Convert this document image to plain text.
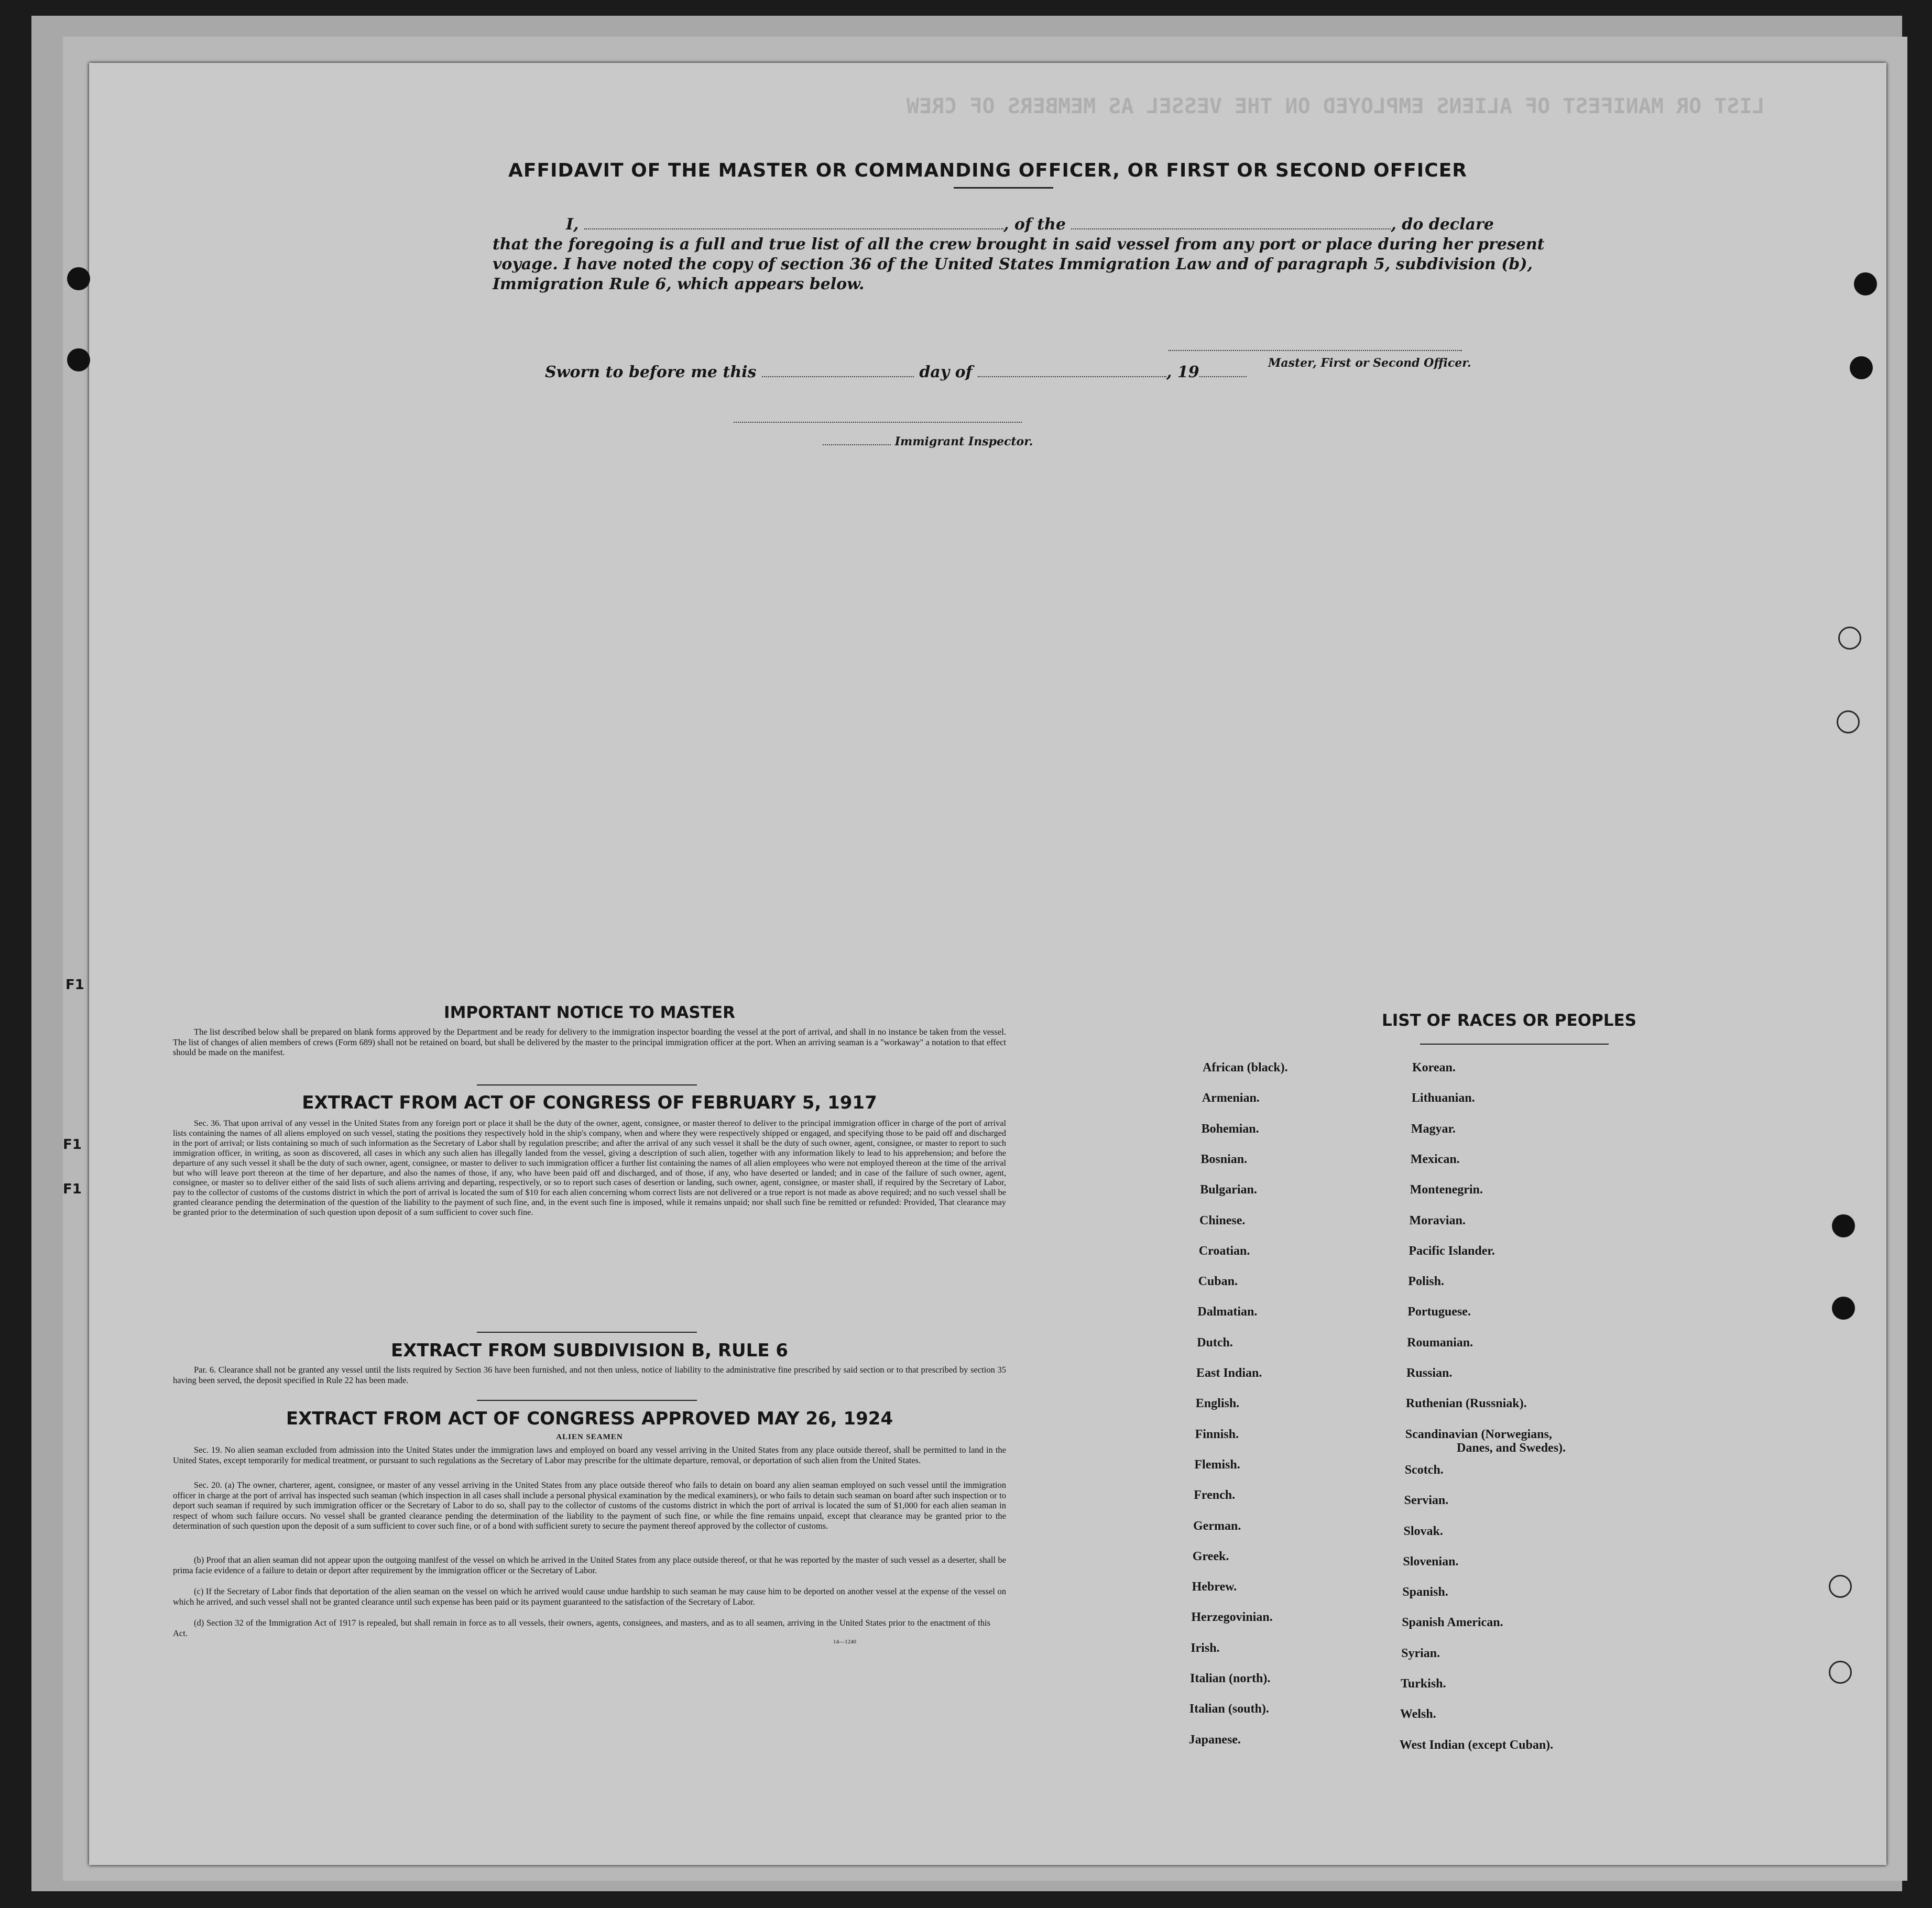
LIST OR MANIFEST OF ALIENS EMPLOYED ON THE VESSEL AS MEMBERS OF CREW
AFFIDAVIT OF THE MASTER OR COMMANDING OFFICER, OR FIRST OR SECOND OFFICER
I,	, of the	, do declare
that the foregoing is a full and true list of all the crew brought in said vessel from any port or place during her present
voyage. I have noted the copy of section 36 of the United States Immigration Law and of paragraph 5, subdivision (b),
Immigration Rule 6, which appears below.
Master, First or Second Officer.
Sworn to before me this	day of	, 19
Immigrant Inspector.
IMPORTANT NOTICE TO MASTER
The list described below shall be prepared on blank forms approved by the Department and be ready for delivery to the immigration inspector boarding the vessel at the port of arrival, and shall in no instance be taken from the vessel. The list of changes of alien members of crews (Form 689) shall not be retained on board, but shall be delivered by the master to the principal immigration officer at the port. When an arriving seaman is a "workaway" a notation to that effect should be made on the manifest.
EXTRACT FROM ACT OF CONGRESS OF FEBRUARY 5, 1917
Sec. 36. That upon arrival of any vessel in the United States from any foreign port or place it shall be the duty of the owner, agent, consignee, or master thereof to deliver to the principal immigration officer in charge of the port of arrival lists containing the names of all aliens employed on such vessel, stating the positions they respectively hold in the ship's company, when and where they were respectively shipped or engaged, and specifying those to be paid off and discharged in the port of arrival; or lists containing so much of such information as the Secretary of Labor shall by regulation prescribe; and after the arrival of any such vessel it shall be the duty of such owner, agent, consignee, or master to report to such immigration officer, in writing, as soon as discovered, all cases in which any such alien has illegally landed from the vessel, giving a description of such alien, together with any information likely to lead to his apprehension; and before the departure of any such vessel it shall be the duty of such owner, agent, consignee, or master to deliver to such immigration officer a further list containing the names of all alien employees who were not employed thereon at the time of the arrival but who will leave port thereon at the time of her departure, and also the names of those, if any, who have been paid off and discharged, and of those, if any, who have deserted or landed; and in case of the failure of such owner, agent, consignee, or master so to deliver either of the said lists of such aliens arriving and departing, respectively, or so to report such cases of desertion or landing, such owner, agent, consignee, or master shall, if required by the Secretary of Labor, pay to the collector of customs of the customs district in which the port of arrival is located the sum of $10 for each alien concerning whom correct lists are not delivered or a true report is not made as above required; and no such vessel shall be granted clearance pending the determination of the question of the liability to the payment of such fine, and, in the event such fine is imposed, while it remains unpaid; nor shall such fine be remitted or refunded: Provided, That clearance may be granted prior to the determination of such question upon deposit of a sum sufficient to cover such fine.
EXTRACT FROM SUBDIVISION B, RULE 6
Par. 6. Clearance shall not be granted any vessel until the lists required by Section 36 have been furnished, and not then unless, notice of liability to the administrative fine prescribed by said section or to that prescribed by section 35 having been served, the deposit specified in Rule 22 has been made.
EXTRACT FROM ACT OF CONGRESS APPROVED MAY 26, 1924
ALIEN SEAMEN
Sec. 19. No alien seaman excluded from admission into the United States under the immigration laws and employed on board any vessel arriving in the United States from any place outside thereof, shall be permitted to land in the United States, except temporarily for medical treatment, or pursuant to such regulations as the Secretary of Labor may prescribe for the ultimate departure, removal, or deportation of such alien from the United States.
Sec. 20. (a) The owner, charterer, agent, consignee, or master of any vessel arriving in the United States from any place outside thereof who fails to detain on board any alien seaman employed on such vessel until the immigration officer in charge at the port of arrival has inspected such seaman (which inspection in all cases shall include a personal physical examination by the medical examiners), or who fails to detain such seaman on board after such inspection or to deport such seaman if required by such immigration officer or the Secretary of Labor to do so, shall pay to the collector of customs of the customs district in which the port of arrival is located the sum of $1,000 for each alien seaman in respect of whom such failure occurs. No vessel shall be granted clearance pending the determination of the liability to the payment of such fine, or while the fine remains unpaid, except that clearance may be granted prior to the determination of such question upon the deposit of a sum sufficient to cover such fine, or of a bond with sufficient surety to secure the payment thereof approved by the collector of customs.
(b) Proof that an alien seaman did not appear upon the outgoing manifest of the vessel on which he arrived in the United States from any place outside thereof, or that he was reported by the master of such vessel as a deserter, shall be prima facie evidence of a failure to detain or deport after requirement by the immigration officer or the Secretary of Labor.
(c) If the Secretary of Labor finds that deportation of the alien seaman on the vessel on which he arrived would cause undue hardship to such seaman he may cause him to be deported on another vessel at the expense of the vessel on which he arrived, and such vessel shall not be granted clearance until such expense has been paid or its payment guaranteed to the satisfaction of the Secretary of Labor.
(d) Section 32 of the Immigration Act of 1917 is repealed, but shall remain in force as to all vessels, their owners, agents, consignees, and masters, and as to all seamen, arriving in the United States prior to the enactment of this Act.
14—1240
LIST OF RACES OR PEOPLES
F1
F1
F1
African (black).
Armenian.
Bohemian.
Bosnian.
Bulgarian.
Chinese.
Croatian.
Cuban.
Dalmatian.
Dutch.
East Indian.
English.
Finnish.
Flemish.
French.
German.
Greek.
Hebrew.
Herzegovinian.
Irish.
Italian (north).
Italian (south).
Japanese.
Korean.
Lithuanian.
Magyar.
Mexican.
Montenegrin.
Moravian.
Pacific Islander.
Polish.
Portuguese.
Roumanian.
Russian.
Ruthenian (Russniak).
Scandinavian (Norwegians,
Danes, and Swedes).
Scotch.
Servian.
Slovak.
Slovenian.
Spanish.
Spanish American.
Syrian.
Turkish.
Welsh.
West Indian (except Cuban).
